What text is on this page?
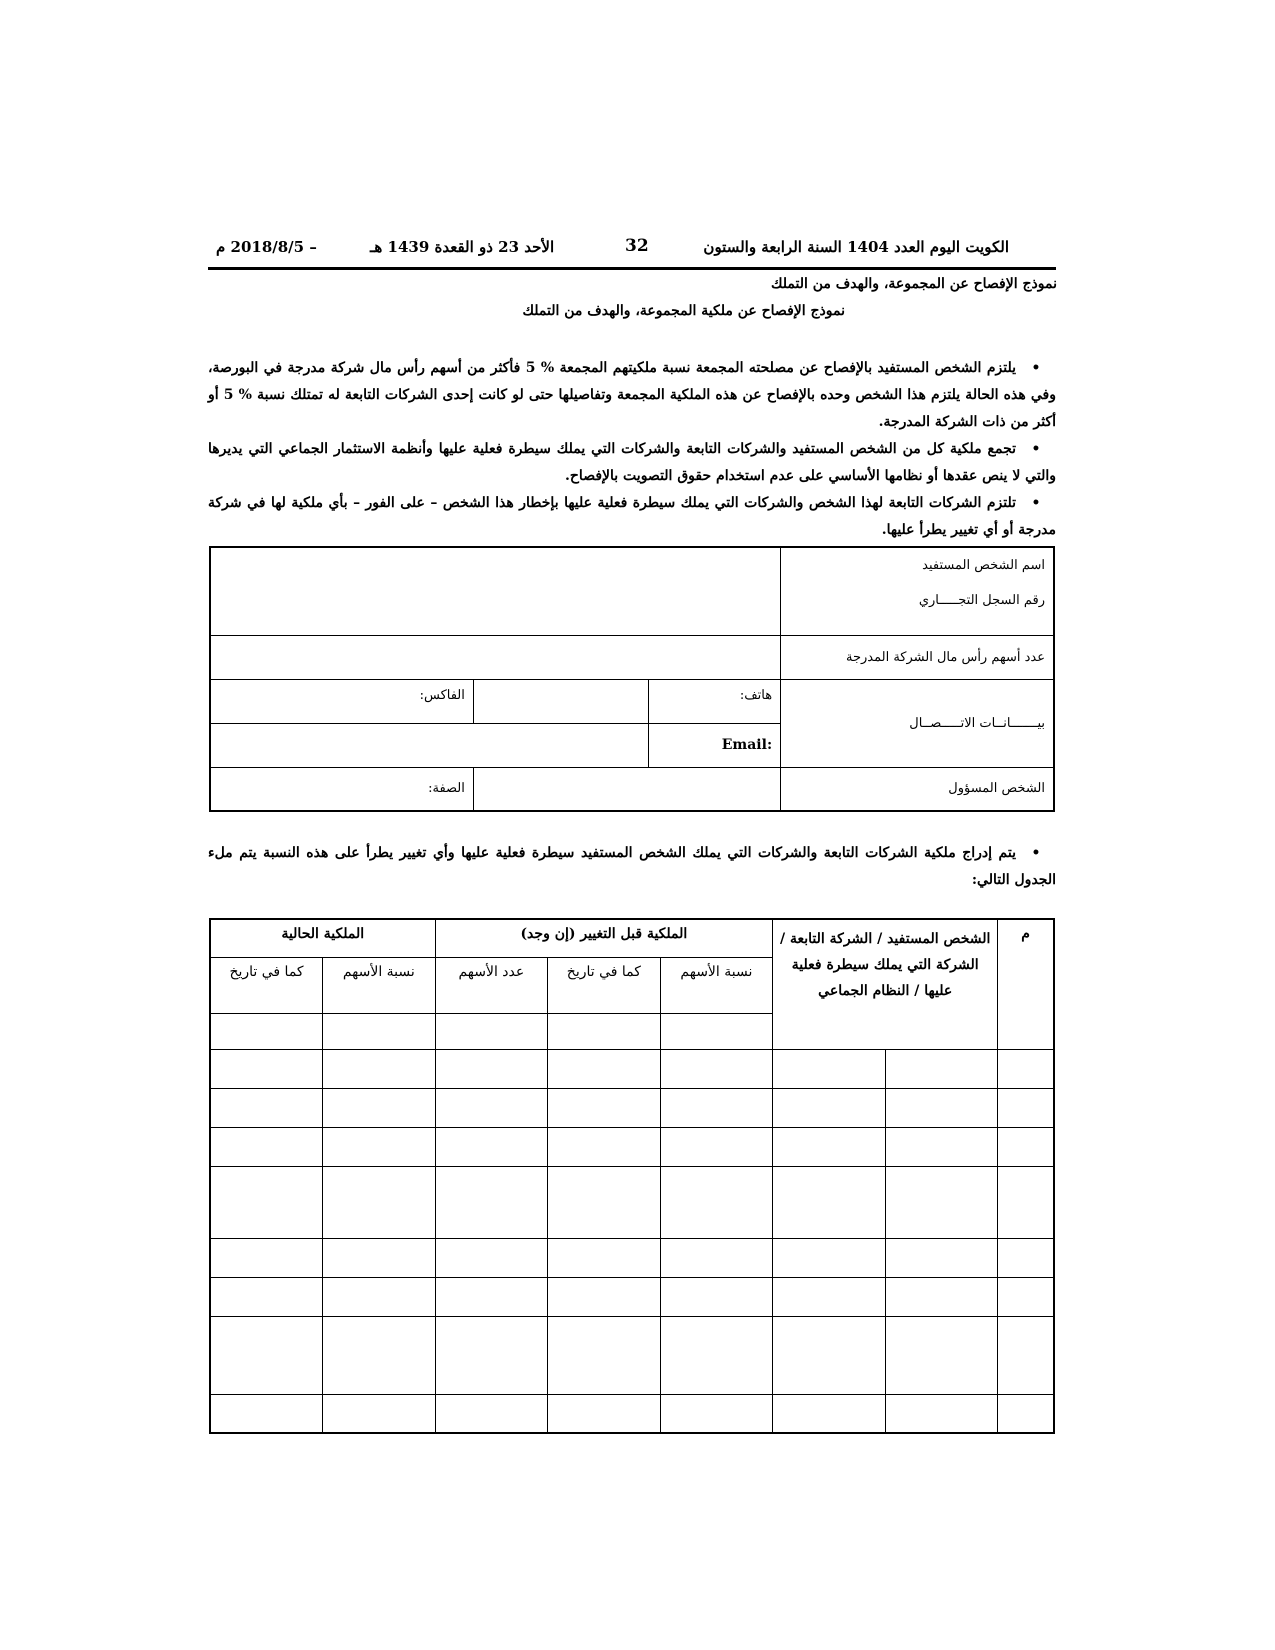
الكويت اليوم العدد 1404 السنة الرابعة والستون
32
الأحد 23 ذو القعدة 1439 هـ
– 2018/8/5 م
نموذج الإفصاح عن المجموعة، والهدف من التملك
نموذج الإفصاح عن ملكية المجموعة، والهدف من التملك
•يلتزم الشخص المستفيد بالإفصاح عن مصلحته المجمعة نسبة ملكيتهم المجمعة % 5 فأكثر من أسهم رأس مال شركة مدرجة في البورصة، وفي هذه الحالة يلتزم هذا الشخص وحده بالإفصاح عن هذه الملكية المجمعة وتفاصيلها حتى لو كانت إحدى الشركات التابعة له تمتلك نسبة % 5 أو أكثر من ذات الشركة المدرجة.
•تجمع ملكية كل من الشخص المستفيد والشركات التابعة والشركات التي يملك سيطرة فعلية عليها وأنظمة الاستثمار الجماعي التي يديرها والتي لا ينص عقدها أو نظامها الأساسي على عدم استخدام حقوق التصويت بالإفصاح.
•تلتزم الشركات التابعة لهذا الشخص والشركات التي يملك سيطرة فعلية عليها بإخطار هذا الشخص – على الفور – بأي ملكية لها في شركة مدرجة أو أي تغيير يطرأ عليها.
اسم الشخص المستفيد
رقم السجل التجـــــاري			

عدد أسهم رأس مال الشركة المدرجة			
بيـــــــانــات الاتـــــصــال	هاتف:		الفاكس:
	:Email		
الشخص المسؤول			الصفة:
•يتم إدراج ملكية الشركات التابعة والشركات التي يملك الشخص المستفيد سيطرة فعلية عليها وأي تغيير يطرأ على هذه النسبة يتم ملء الجدول التالي:
م	الشخص المستفيد / الشركة التابعة / الشركة التي يملك سيطرة فعلية عليها / النظام الجماعي		الملكية قبل التغيير (إن وجد)			الملكية الحالية	
			نسبة الأسهم	كما في تاريخ	عدد الأسهم	نسبة الأسهم	كما في تاريخ
